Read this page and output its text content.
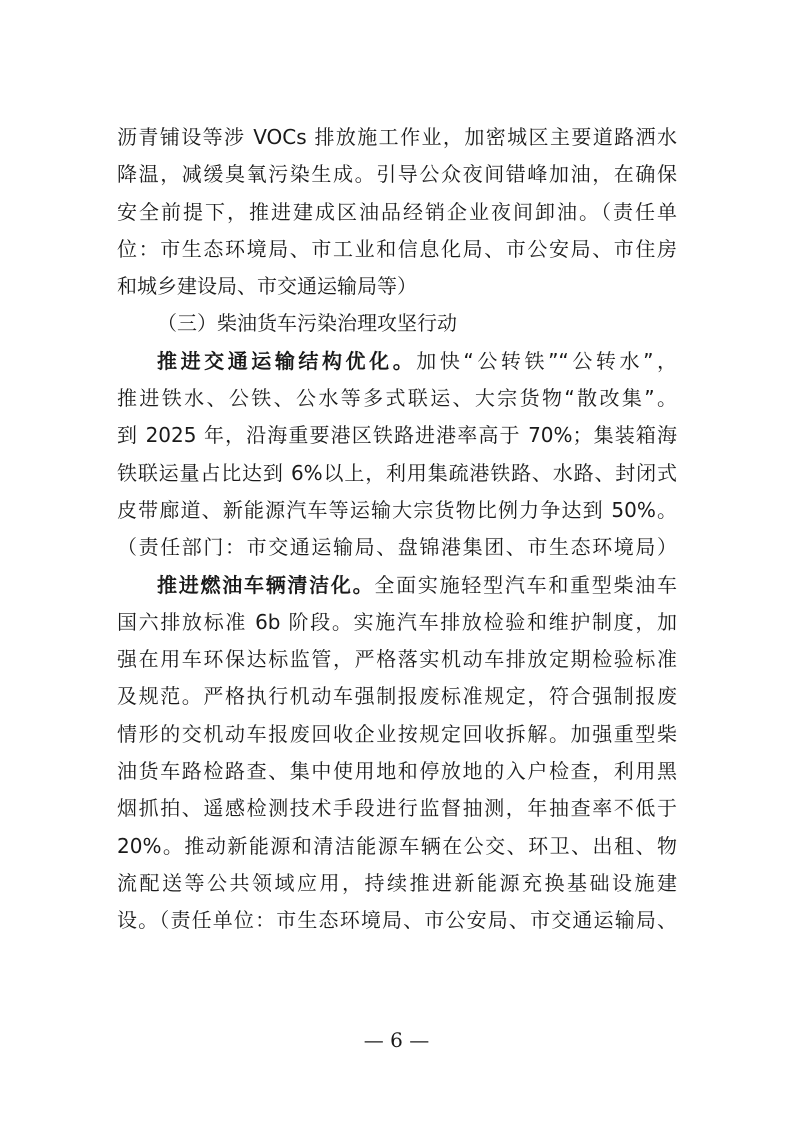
沥青铺设等涉 VOCs 排放施工作业，加密城区主要道路洒水
降温，减缓臭氧污染生成。引导公众夜间错峰加油，在确保
安全前提下，推进建成区油品经销企业夜间卸油。（责任单
位：市生态环境局、市工业和信息化局、市公安局、市住房
和城乡建设局、市交通运输局等）
（三）柴油货车污染治理攻坚行动
推进交通运输结构优化。加快“公转铁”“公转水”，
推进铁水、公铁、公水等多式联运、大宗货物“散改集”。
到 2025 年，沿海重要港区铁路进港率高于 70%；集装箱海
铁联运量占比达到 6%以上，利用集疏港铁路、水路、封闭式
皮带廊道、新能源汽车等运输大宗货物比例力争达到 50%。
（责任部门：市交通运输局、盘锦港集团、市生态环境局）
推进燃油车辆清洁化。全面实施轻型汽车和重型柴油车
国六排放标准 6b 阶段。实施汽车排放检验和维护制度，加
强在用车环保达标监管，严格落实机动车排放定期检验标准
及规范。严格执行机动车强制报废标准规定，符合强制报废
情形的交机动车报废回收企业按规定回收拆解。加强重型柴
油货车路检路查、集中使用地和停放地的入户检查，利用黑
烟抓拍、遥感检测技术手段进行监督抽测，年抽查率不低于
20%。推动新能源和清洁能源车辆在公交、环卫、出租、物
流配送等公共领域应用，持续推进新能源充换基础设施建
设。（责任单位：市生态环境局、市公安局、市交通运输局、
— 6 —
